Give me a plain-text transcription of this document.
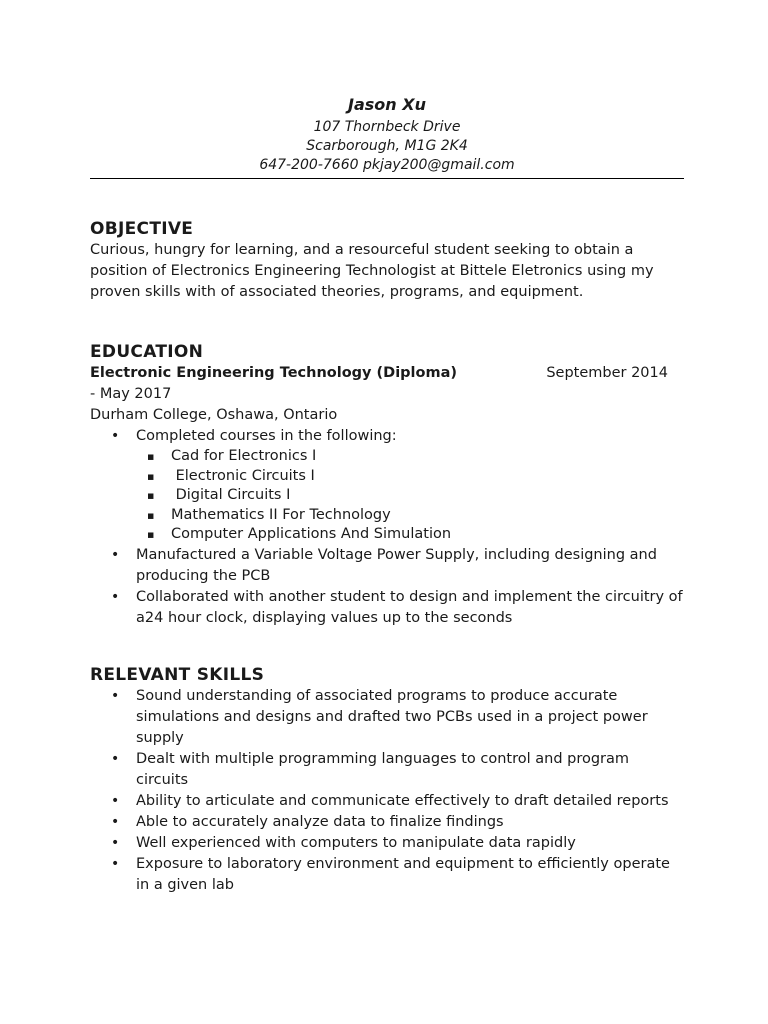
Jason Xu
107 Thornbeck Drive
Scarborough, M1G 2K4
647-200-7660 pkjay200@gmail.com
OBJECTIVE
Curious, hungry for learning, and a resourceful student seeking to obtain a position of Electronics Engineering Technologist at Bittele Eletronics using my proven skills with of associated theories, programs, and equipment.
EDUCATION
Electronic Engineering Technology (Diploma)	September 2014
- May 2017
Durham College, Oshawa, Ontario
• Completed courses in the following:
▪ Cad for Electronics I
▪ Electronic Circuits I
▪ Digital Circuits I
▪ Mathematics II For Technology
▪ Computer Applications And Simulation
• Manufactured a Variable Voltage Power Supply, including designing and producing the PCB
• Collaborated with another student to design and implement the circuitry of a24 hour clock, displaying values up to the seconds
RELEVANT SKILLS
• Sound understanding of associated programs to produce accurate simulations and designs and drafted two PCBs used in a project power supply
• Dealt with multiple programming languages to control and program circuits
• Ability to articulate and communicate effectively to draft detailed reports
• Able to accurately analyze data to finalize findings
• Well experienced with computers to manipulate data rapidly
• Exposure to laboratory environment and equipment to efficiently operate in a given lab
